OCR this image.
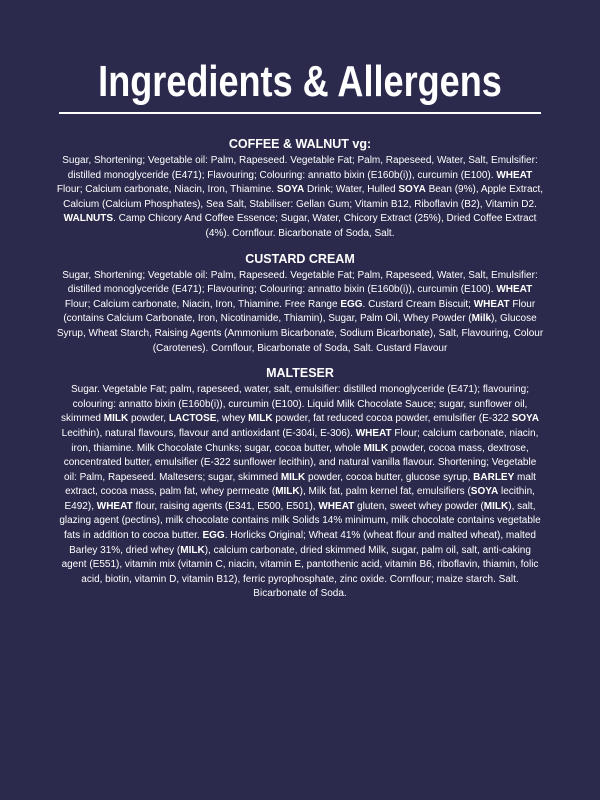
Ingredients & Allergens
COFFEE & WALNUT vg:

Sugar, Shortening; Vegetable oil: Palm, Rapeseed. Vegetable Fat; Palm, Rapeseed, Water, Salt, Emulsifier: distilled monoglyceride (E471); Flavouring; Colouring: annatto bixin (E160b(i)), curcumin (E100). WHEAT Flour; Calcium carbonate, Niacin, Iron, Thiamine. SOYA Drink; Water, Hulled SOYA Bean (9%), Apple Extract, Calcium (Calcium Phosphates), Sea Salt, Stabiliser: Gellan Gum; Vitamin B12, Riboflavin (B2), Vitamin D2. WALNUTS. Camp Chicory And Coffee Essence; Sugar, Water, Chicory Extract (25%), Dried Coffee Extract (4%). Cornflour. Bicarbonate of Soda, Salt.

CUSTARD CREAM

Sugar, Shortening; Vegetable oil: Palm, Rapeseed. Vegetable Fat; Palm, Rapeseed, Water, Salt, Emulsifier: distilled monoglyceride (E471); Flavouring; Colouring: annatto bixin (E160b(i)), curcumin (E100). WHEAT Flour; Calcium carbonate, Niacin, Iron, Thiamine. Free Range EGG. Custard Cream Biscuit; WHEAT Flour (contains Calcium Carbonate, Iron, Nicotinamide, Thiamin), Sugar, Palm Oil, Whey Powder (Milk), Glucose Syrup, Wheat Starch, Raising Agents (Ammonium Bicarbonate, Sodium Bicarbonate), Salt, Flavouring, Colour (Carotenes). Cornflour, Bicarbonate of Soda, Salt. Custard Flavour

MALTESER

Sugar. Vegetable Fat; palm, rapeseed, water, salt, emulsifier: distilled monoglyceride (E471); flavouring; colouring: annatto bixin (E160b(i)), curcumin (E100). Liquid Milk Chocolate Sauce; sugar, sunflower oil, skimmed MILK powder, LACTOSE, whey MILK powder, fat reduced cocoa powder, emulsifier (E-322 SOYA Lecithin), natural flavours, flavour and antioxidant (E-304i, E-306). WHEAT Flour; calcium carbonate, niacin, iron, thiamine. Milk Chocolate Chunks; sugar, cocoa butter, whole MILK powder, cocoa mass, dextrose, concentrated butter, emulsifier (E-322 sunflower lecithin), and natural vanilla flavour. Shortening; Vegetable oil: Palm, Rapeseed. Maltesers; sugar, skimmed MILK powder, cocoa butter, glucose syrup, BARLEY malt extract, cocoa mass, palm fat, whey permeate (MILK), Milk fat, palm kernel fat, emulsifiers (SOYA lecithin, E492), WHEAT flour, raising agents (E341, E500, E501), WHEAT gluten, sweet whey powder (MILK), salt, glazing agent (pectins), milk chocolate contains milk Solids 14% minimum, milk chocolate contains vegetable fats in addition to cocoa butter. EGG. Horlicks Original; Wheat 41% (wheat flour and malted wheat), malted Barley 31%, dried whey (MILK), calcium carbonate, dried skimmed Milk, sugar, palm oil, salt, anti-caking agent (E551), vitamin mix (vitamin C, niacin, vitamin E, pantothenic acid, vitamin B6, riboflavin, thiamin, folic acid, biotin, vitamin D, vitamin B12), ferric pyrophosphate, zinc oxide. Cornflour; maize starch. Salt. Bicarbonate of Soda.
